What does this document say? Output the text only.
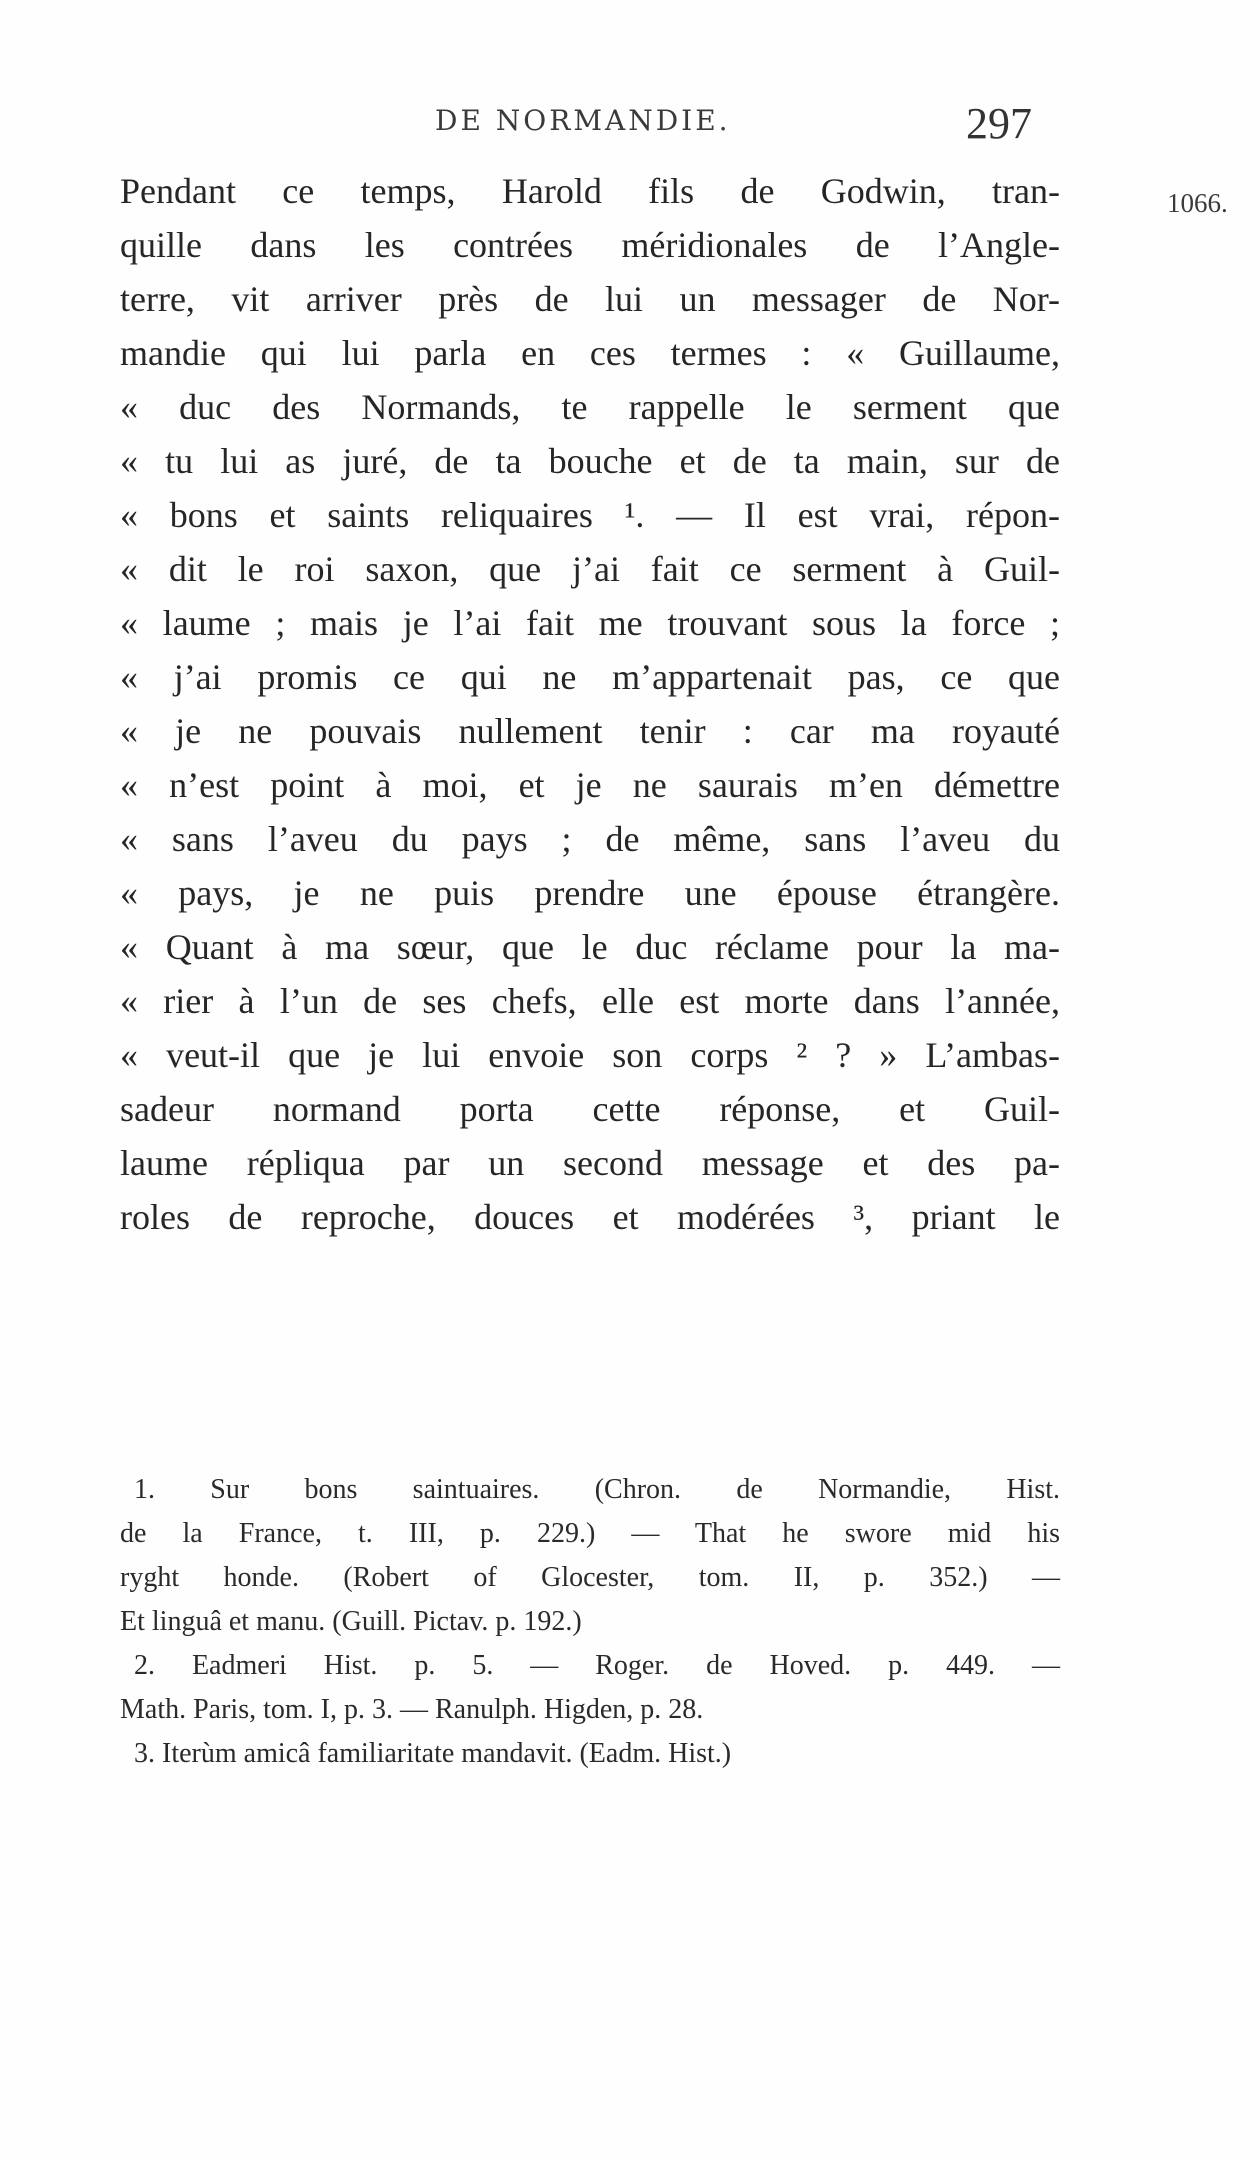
DE NORMANDIE.	297
1066.
Pendant ce temps, Harold fils de Godwin, tran-
quille dans les contrées méridionales de l’Angle-
terre, vit arriver près de lui un messager de Nor-
mandie qui lui parla en ces termes : « Guillaume,
« duc des Normands, te rappelle le serment que
« tu lui as juré, de ta bouche et de ta main, sur de
« bons et saints reliquaires ¹. — Il est vrai, répon-
« dit le roi saxon, que j’ai fait ce serment à Guil-
« laume ; mais je l’ai fait me trouvant sous la force ;
« j’ai promis ce qui ne m’appartenait pas, ce que
« je ne pouvais nullement tenir : car ma royauté
« n’est point à moi, et je ne saurais m’en démettre
« sans l’aveu du pays ; de même, sans l’aveu du
« pays, je ne puis prendre une épouse étrangère.
« Quant à ma sœur, que le duc réclame pour la ma-
« rier à l’un de ses chefs, elle est morte dans l’année,
« veut-il que je lui envoie son corps ² ? » L’ambas-
sadeur normand porta cette réponse, et Guil-
laume répliqua par un second message et des pa-
roles de reproche, douces et modérées ³, priant le
1. Sur bons saintuaires. (Chron. de Normandie, Hist.
de la France, t. III, p. 229.) — That he swore mid his
ryght honde. (Robert of Glocester, tom. II, p. 352.) —
Et linguâ et manu. (Guill. Pictav. p. 192.)
2. Eadmeri Hist. p. 5. — Roger. de Hoved. p. 449. —
Math. Paris, tom. I, p. 3. — Ranulph. Higden, p. 28.
3. Iterùm amicâ familiaritate mandavit. (Eadm. Hist.)
